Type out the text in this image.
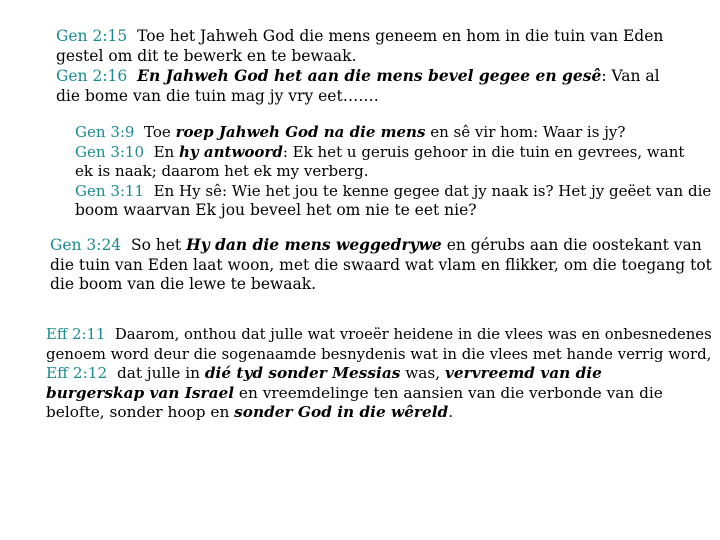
Gen 2:15 Toe het Jahweh God die mens geneem en hom in die tuin van Eden
gestel om dit te bewerk en te bewaak.
Gen 2:16 En Jahweh God het aan die mens bevel gegee en gesê: Van al
die bome van die tuin mag jy vry eet…….
Gen 3:9 Toe roep Jahweh God na die mens en sê vir hom: Waar is jy?
Gen 3:10 En hy antwoord: Ek het u geruis gehoor in die tuin en gevrees, want
ek is naak; daarom het ek my verberg.
Gen 3:11 En Hy sê: Wie het jou te kenne gegee dat jy naak is? Het jy geëet van die
boom waarvan Ek jou beveel het om nie te eet nie?
Gen 3:24 So het Hy dan die mens weggedrywe en gérubs aan die oostekant van
die tuin van Eden laat woon, met die swaard wat vlam en flikker, om die toegang tot
die boom van die lewe te bewaak.
Eff 2:11 Daarom, onthou dat julle wat vroeër heidene in die vlees was en onbesnedenes
genoem word deur die sogenaamde besnydenis wat in die vlees met hande verrig word,
Eff 2:12 dat julle in dié tyd sonder Messias was, vervreemd van die
burgerskap van Israel en vreemdelinge ten aansien van die verbonde van die
belofte, sonder hoop en sonder God in die wêreld.
